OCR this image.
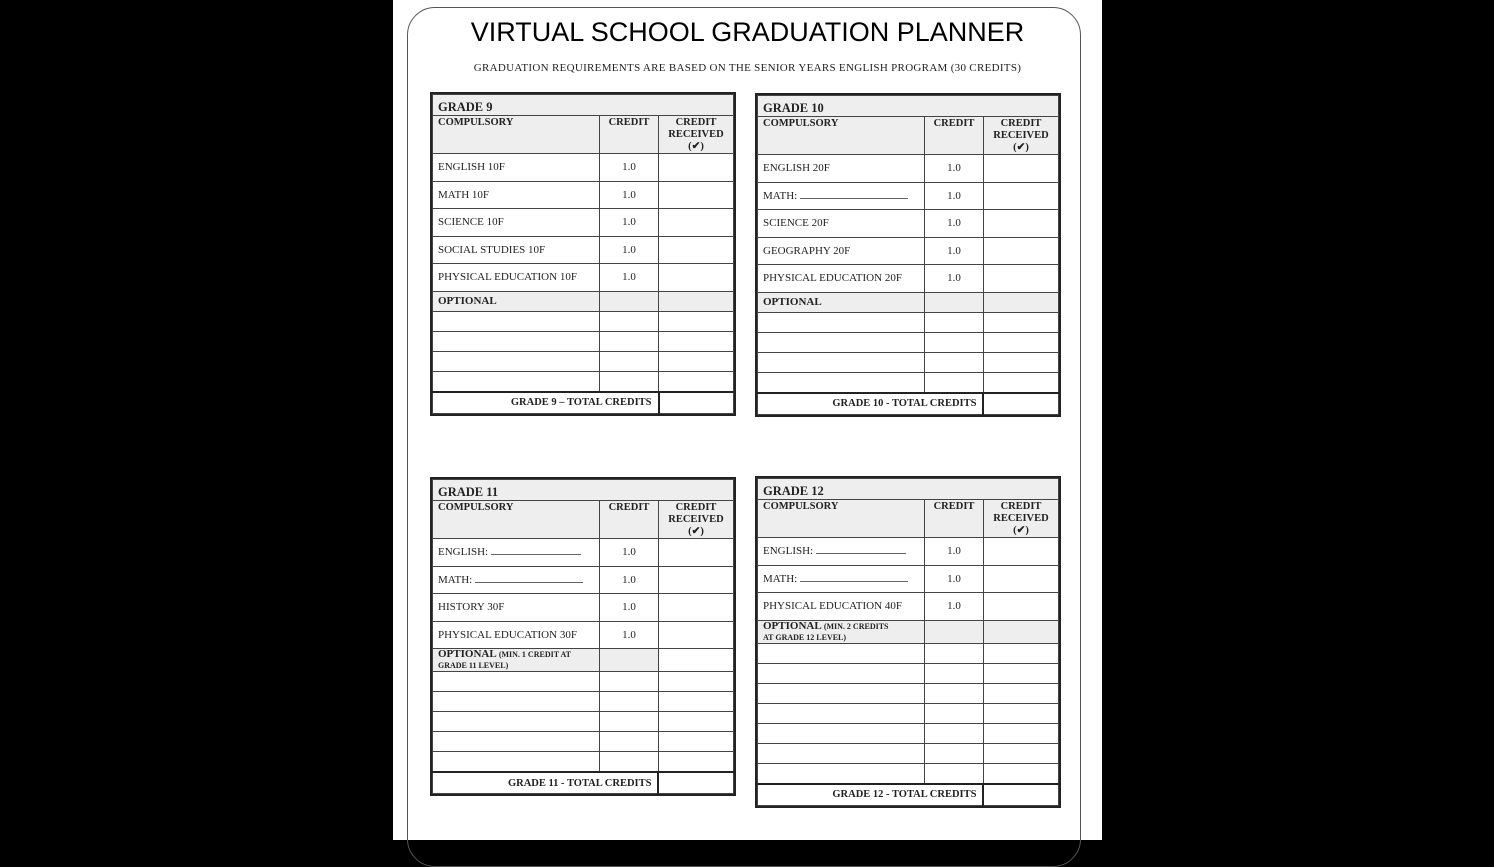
VIRTUAL SCHOOL GRADUATION PLANNER

GRADUATION REQUIREMENTS ARE BASED ON THE SENIOR YEARS ENGLISH PROGRAM (30 CREDITS)

GRADE 9		
COMPULSORY	CREDIT	CREDIT
RECEIVED
(✔)
ENGLISH 10F	1.0	
MATH 10F	1.0	
SCIENCE 10F	1.0	
SOCIAL STUDIES 10F	1.0	
PHYSICAL EDUCATION 10F	1.0	
OPTIONAL		

GRADE 9 – TOTAL CREDITS		
GRADE 10		
COMPULSORY	CREDIT	CREDIT
RECEIVED
(✔)
ENGLISH 20F	1.0	
MATH:	1.0	
SCIENCE 20F	1.0	
GEOGRAPHY 20F	1.0	
PHYSICAL EDUCATION 20F	1.0	
OPTIONAL		

GRADE 10 - TOTAL CREDITS		
GRADE 11		
COMPULSORY	CREDIT	CREDIT
RECEIVED
(✔)
ENGLISH:	1.0	
MATH:	1.0	
HISTORY 30F	1.0	
PHYSICAL EDUCATION 30F	1.0	
OPTIONAL (MIN. 1 CREDIT AT
GRADE 11 LEVEL)		

GRADE 11 - TOTAL CREDITS		
GRADE 12		
COMPULSORY	CREDIT	CREDIT
RECEIVED
(✔)
ENGLISH:	1.0	
MATH:	1.0	
PHYSICAL EDUCATION 40F	1.0	
OPTIONAL (MIN. 2 CREDITS
AT GRADE 12 LEVEL)		

GRADE 12 - TOTAL CREDITS		
